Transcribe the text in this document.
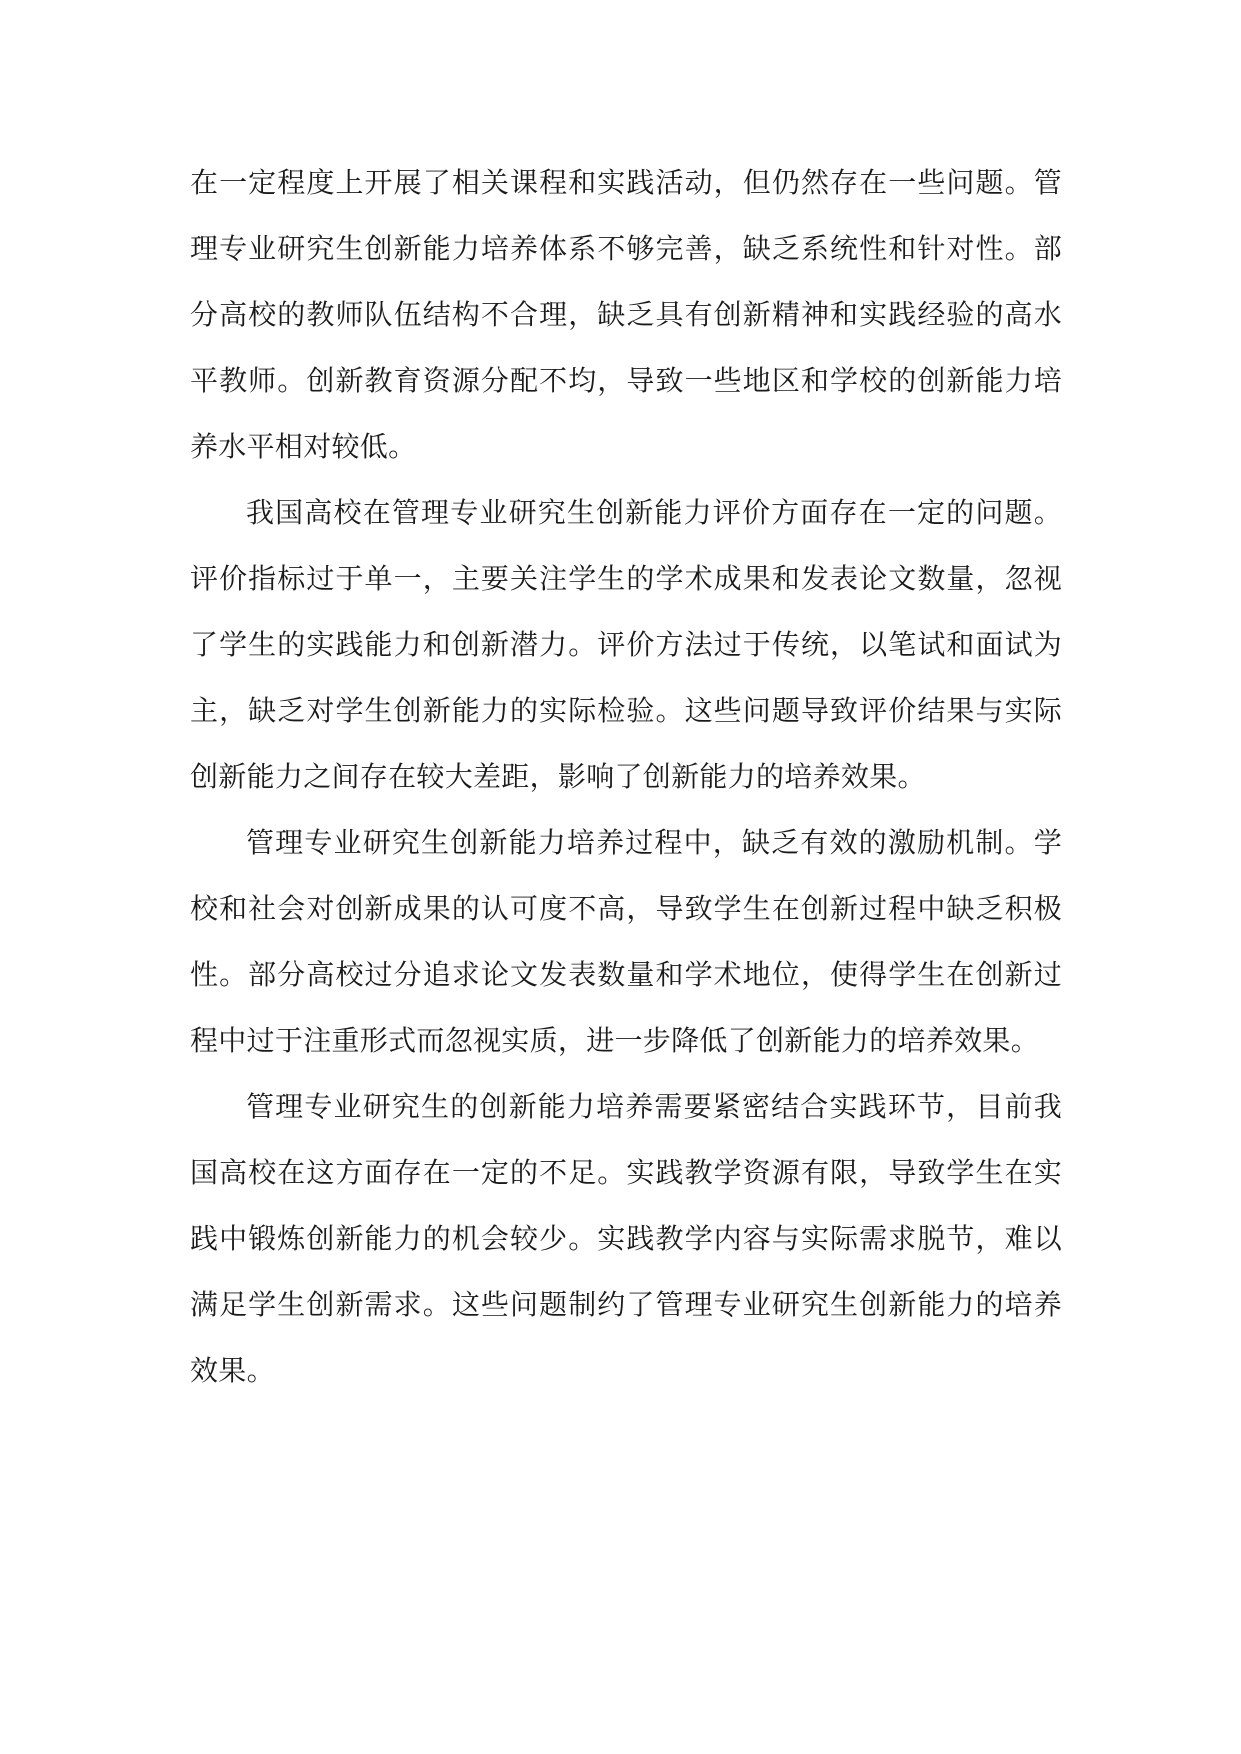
在一定程度上开展了相关课程和实践活动，但仍然存在一些问题。管理专业研究生创新能力培养体系不够完善，缺乏系统性和针对性。部分高校的教师队伍结构不合理，缺乏具有创新精神和实践经验的高水平教师。创新教育资源分配不均，导致一些地区和学校的创新能力培养水平相对较低。

我国高校在管理专业研究生创新能力评价方面存在一定的问题。评价指标过于单一，主要关注学生的学术成果和发表论文数量，忽视了学生的实践能力和创新潜力。评价方法过于传统，以笔试和面试为主，缺乏对学生创新能力的实际检验。这些问题导致评价结果与实际创新能力之间存在较大差距，影响了创新能力的培养效果。

管理专业研究生创新能力培养过程中，缺乏有效的激励机制。学校和社会对创新成果的认可度不高，导致学生在创新过程中缺乏积极性。部分高校过分追求论文发表数量和学术地位，使得学生在创新过程中过于注重形式而忽视实质，进一步降低了创新能力的培养效果。

管理专业研究生的创新能力培养需要紧密结合实践环节，目前我国高校在这方面存在一定的不足。实践教学资源有限，导致学生在实践中锻炼创新能力的机会较少。实践教学内容与实际需求脱节，难以满足学生创新需求。这些问题制约了管理专业研究生创新能力的培养效果。
